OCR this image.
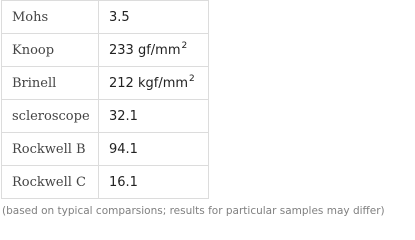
Mohs	3.5
Knoop	233 $gf/mm^2$
Brinell	212 kgf/$mm^2$
scleroscope	32.1
Rockwell B	94.1
Rockwell C	16.1
(based on typical comparsions; results for particular samples may differ)
